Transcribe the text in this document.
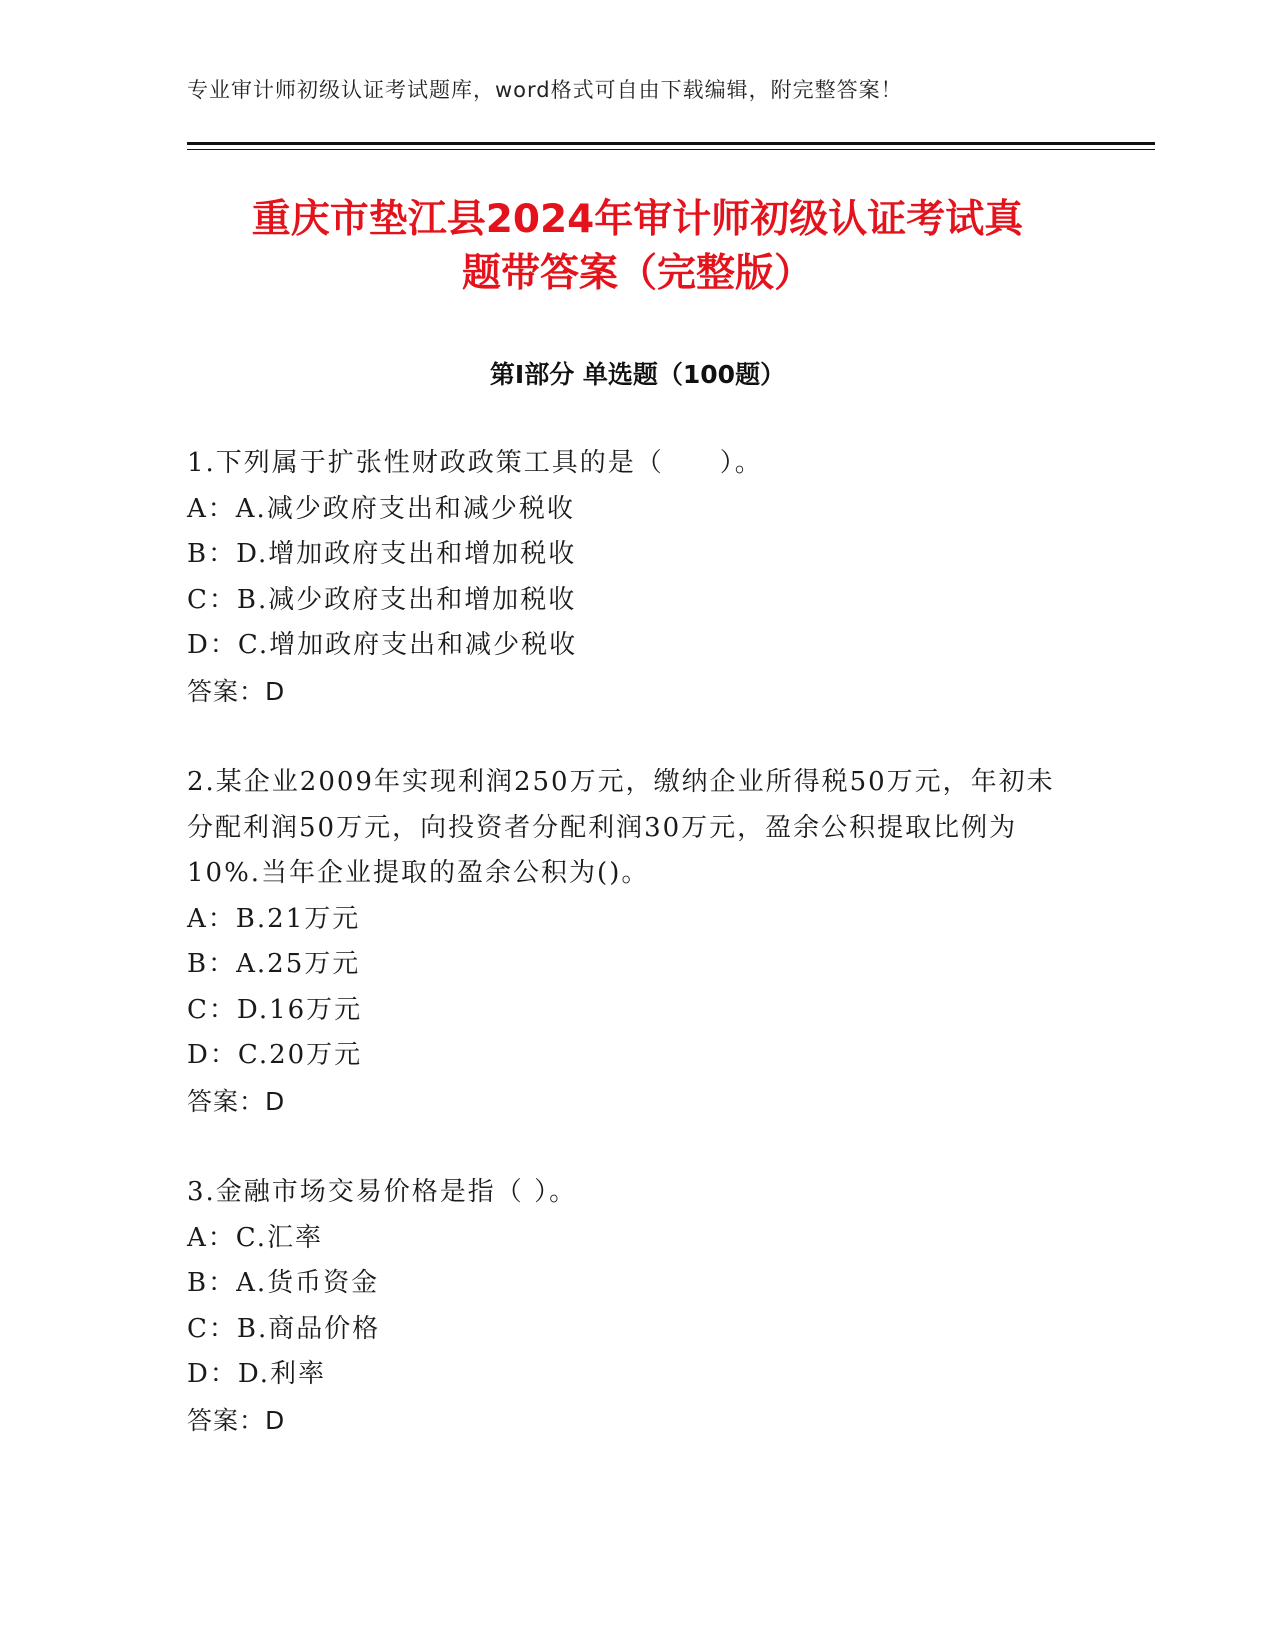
专业审计师初级认证考试题库，word格式可自由下载编辑，附完整答案！
重庆市垫江县2024年审计师初级认证考试真
题带答案（完整版）
第Ⅰ部分 单选题（100题）
1.下列属于扩张性财政政策工具的是（　　）。
A：A.减少政府支出和减少税收
B：D.增加政府支出和增加税收
C：B.减少政府支出和增加税收
D：C.增加政府支出和减少税收
答案：D
2.某企业2009年实现利润250万元，缴纳企业所得税50万元，年初未分配利润50万元，向投资者分配利润30万元，盈余公积提取比例为10%.当年企业提取的盈余公积为()。
A：B.21万元
B：A.25万元
C：D.16万元
D：C.20万元
答案：D
3.金融市场交易价格是指（ ）。
A：C.汇率
B：A.货币资金
C：B.商品价格
D：D.利率
答案：D
